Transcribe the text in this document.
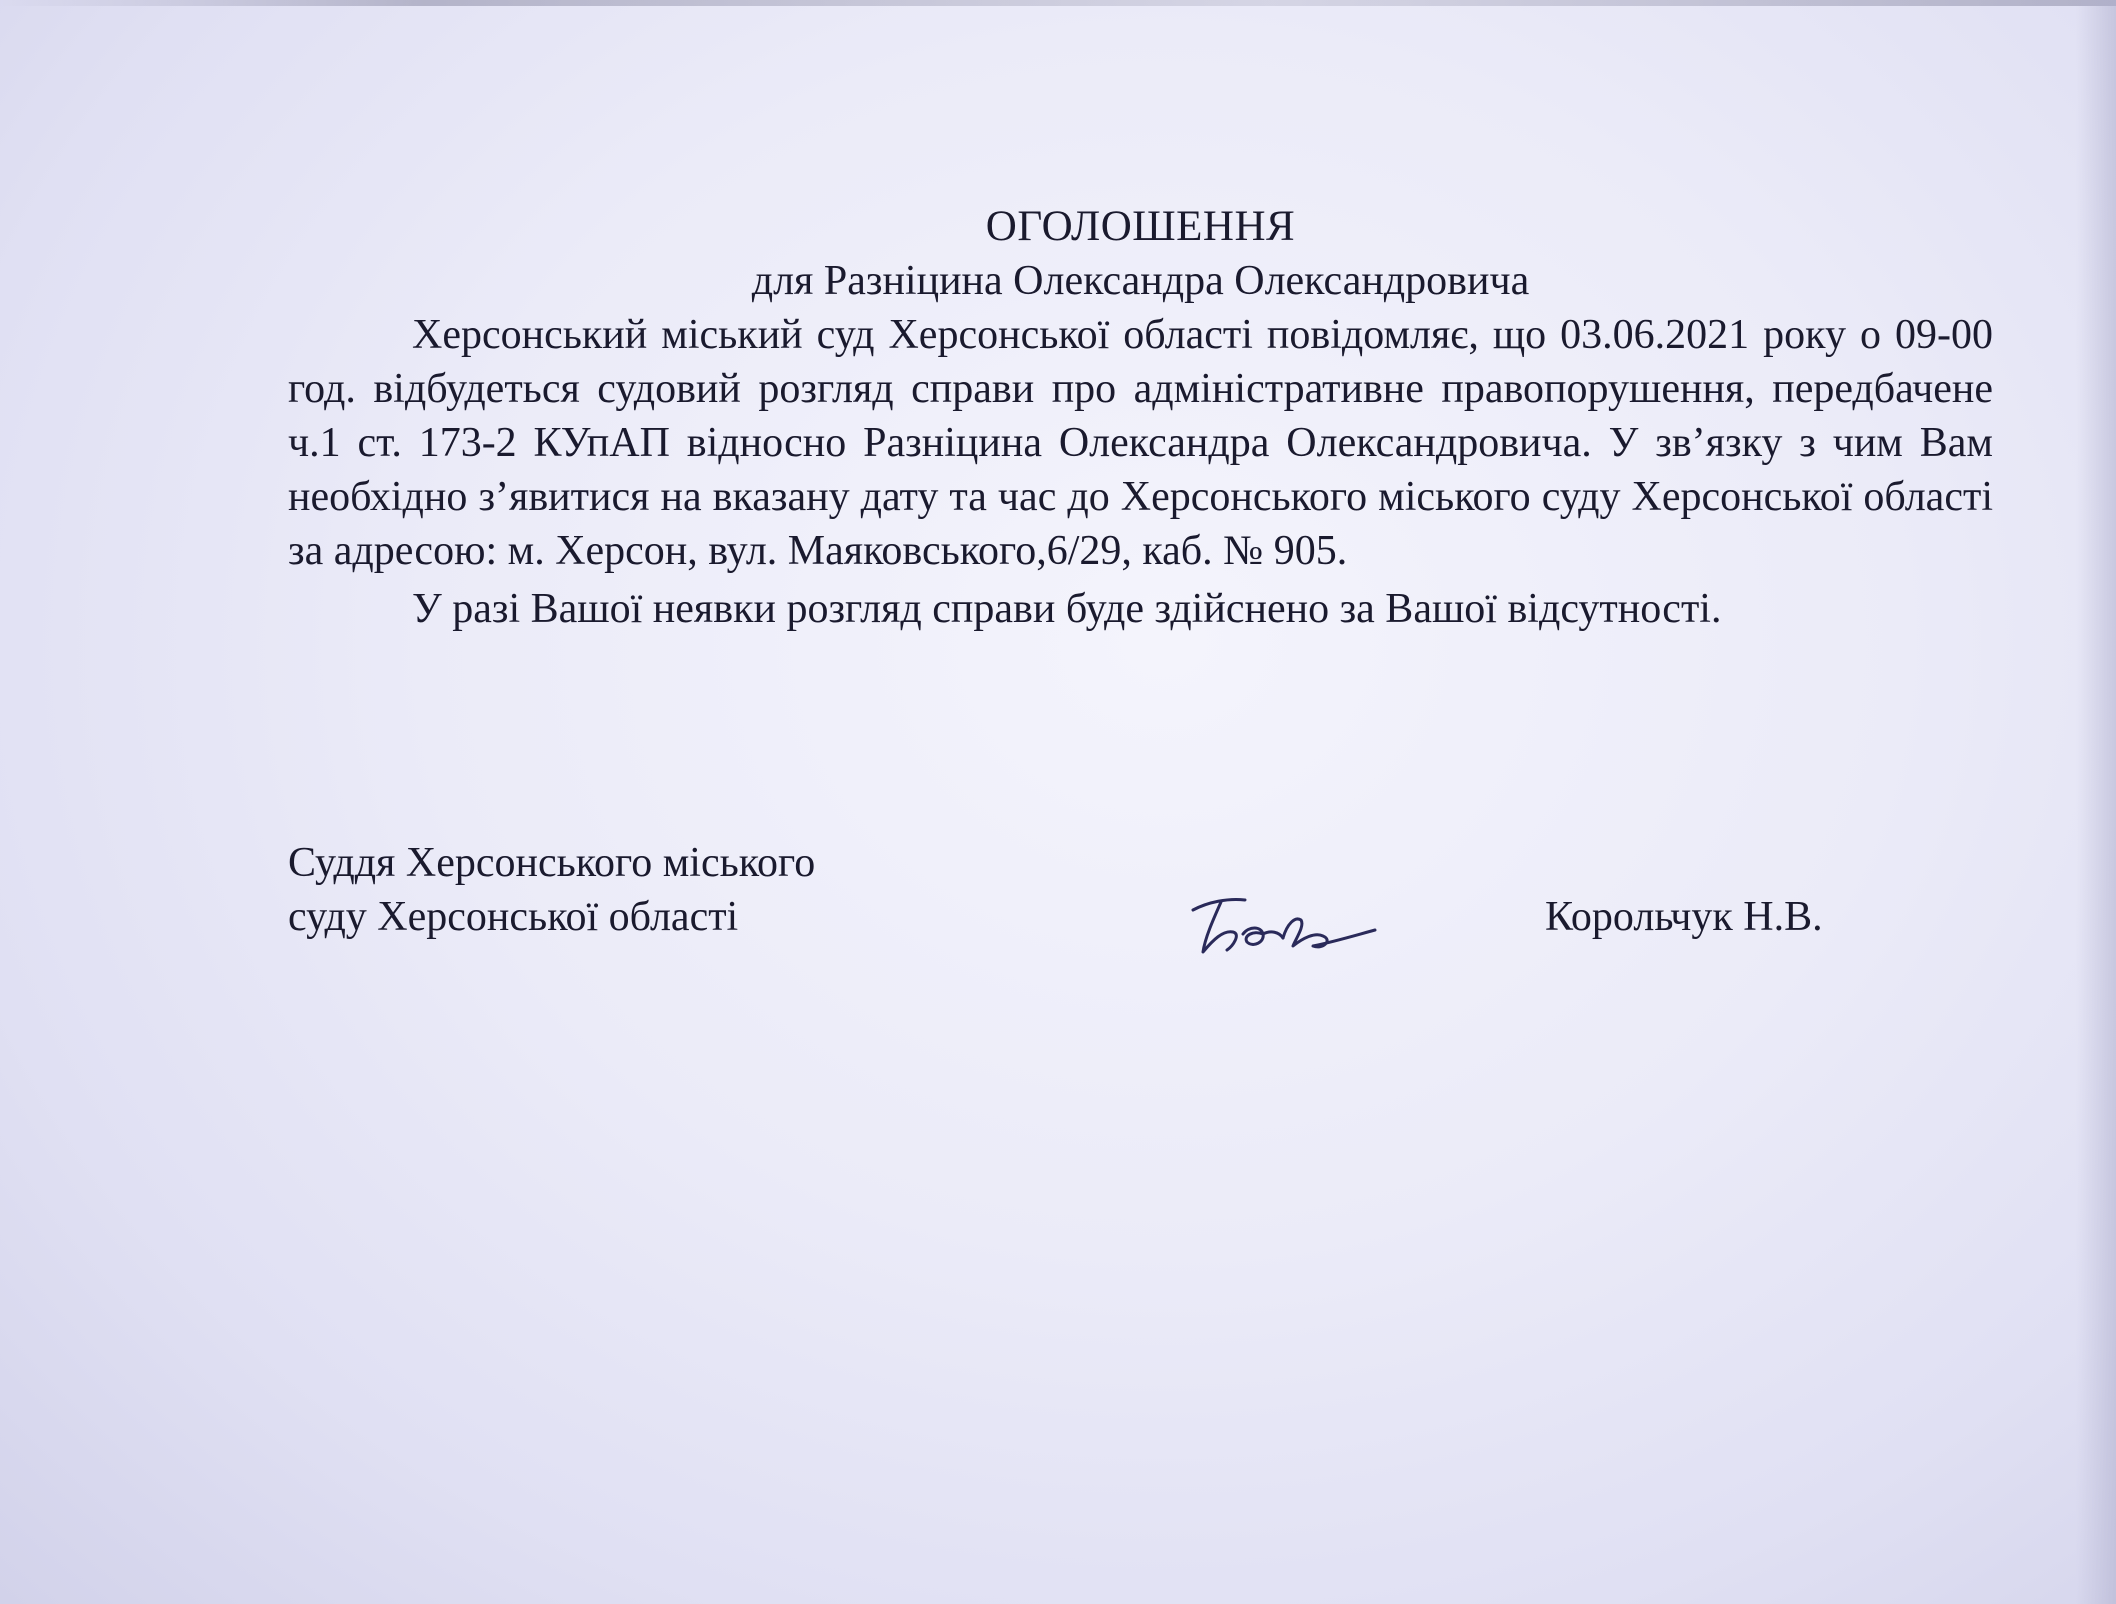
ОГОЛОШЕННЯ

для Разніцина Олександра Олександровича

Херсонський міський суд Херсонської області повідомляє, що 03.06.2021 року о 09-00 год. відбудеться судовий розгляд справи про адміністративне правопорушення, передбачене ч.1 ст. 173-2 КУпАП відносно Разніцина Олександра Олександровича. У зв’язку з чим Вам необхідно з’явитися на вказану дату та час до Херсонського міського суду Херсонської області за адресою: м. Херсон, вул. Маяковського,6/29, каб. № 905.

У разі Вашої неявки розгляд справи буде здійснено за Вашої відсутності.

Суддя Херсонського міського
суду Херсонської області	Корольчук Н.В.
